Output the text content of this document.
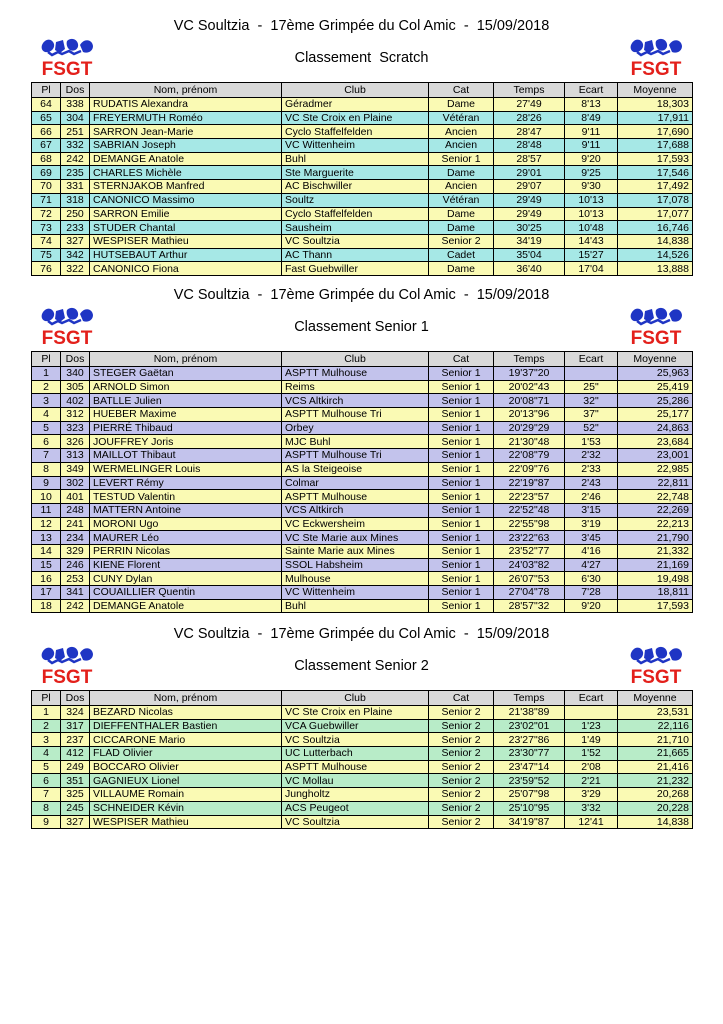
VC Soultzia  -  17ème Grimpée du Col Amic  -  15/09/2018
FSGT	FSGT
Classement  Scratch
Pl	Dos	Nom, prénom	Club	Cat	Temps	Ecart	Moyenne
64	338	RUDATIS Alexandra	Géradmer	Dame	27'49	8'13	18,303
65	304	FREYERMUTH Roméo	VC Ste Croix en Plaine	Vétéran	28'26	8'49	17,911
66	251	SARRON Jean-Marie	Cyclo Staffelfelden	Ancien	28'47	9'11	17,690
67	332	SABRIAN Joseph	VC Wittenheim	Ancien	28'48	9'11	17,688
68	242	DEMANGE Anatole	Buhl	Senior 1	28'57	9'20	17,593
69	235	CHARLES Michèle	Ste Marguerite	Dame	29'01	9'25	17,546
70	331	STERNJAKOB Manfred	AC Bischwiller	Ancien	29'07	9'30	17,492
71	318	CANONICO Massimo	Soultz	Vétéran	29'49	10'13	17,078
72	250	SARRON Emilie	Cyclo Staffelfelden	Dame	29'49	10'13	17,077
73	233	STUDER Chantal	Sausheim	Dame	30'25	10'48	16,746
74	327	WESPISER Mathieu	VC Soultzia	Senior 2	34'19	14'43	14,838
75	342	HUTSEBAUT Arthur	AC Thann	Cadet	35'04	15'27	14,526
76	322	CANONICO Fiona	Fast Guebwiller	Dame	36'40	17'04	13,888
VC Soultzia  -  17ème Grimpée du Col Amic  -  15/09/2018
FSGT	FSGT
Classement Senior 1
Pl	Dos	Nom, prénom	Club	Cat	Temps	Ecart	Moyenne
1	340	STEGER Gaëtan	ASPTT Mulhouse	Senior 1	19'37"20		25,963
2	305	ARNOLD Simon	Reims	Senior 1	20'02"43	25"	25,419
3	402	BATLLE Julien	VCS Altkirch	Senior 1	20'08"71	32"	25,286
4	312	HUEBER Maxime	ASPTT Mulhouse Tri	Senior 1	20'13"96	37"	25,177
5	323	PIERRÉ Thibaud	Orbey	Senior 1	20'29"29	52"	24,863
6	326	JOUFFREY Joris	MJC Buhl	Senior 1	21'30"48	1'53	23,684
7	313	MAILLOT Thibaut	ASPTT Mulhouse Tri	Senior 1	22'08"79	2'32	23,001
8	349	WERMELINGER Louis	AS la Steigeoise	Senior 1	22'09"76	2'33	22,985
9	302	LEVERT Rémy	Colmar	Senior 1	22'19"87	2'43	22,811
10	401	TESTUD Valentin	ASPTT Mulhouse	Senior 1	22'23"57	2'46	22,748
11	248	MATTERN Antoine	VCS Altkirch	Senior 1	22'52"48	3'15	22,269
12	241	MORONI Ugo	VC Eckwersheim	Senior 1	22'55"98	3'19	22,213
13	234	MAURER Léo	VC Ste Marie aux Mines	Senior 1	23'22"63	3'45	21,790
14	329	PERRIN Nicolas	Sainte Marie aux Mines	Senior 1	23'52"77	4'16	21,332
15	246	KIENE Florent	SSOL Habsheim	Senior 1	24'03"82	4'27	21,169
16	253	CUNY Dylan	Mulhouse	Senior 1	26'07"53	6'30	19,498
17	341	COUAILLIER Quentin	VC Wittenheim	Senior 1	27'04"78	7'28	18,811
18	242	DEMANGE Anatole	Buhl	Senior 1	28'57"32	9'20	17,593
VC Soultzia  -  17ème Grimpée du Col Amic  -  15/09/2018
FSGT	FSGT
Classement Senior 2
Pl	Dos	Nom, prénom	Club	Cat	Temps	Ecart	Moyenne
1	324	BEZARD Nicolas	VC Ste Croix en Plaine	Senior 2	21'38"89		23,531
2	317	DIEFFENTHALER Bastien	VCA Guebwiller	Senior 2	23'02"01	1'23	22,116
3	237	CICCARONE Mario	VC Soultzia	Senior 2	23'27"86	1'49	21,710
4	412	FLAD Olivier	UC Lutterbach	Senior 2	23'30"77	1'52	21,665
5	249	BOCCARO Olivier	ASPTT Mulhouse	Senior 2	23'47"14	2'08	21,416
6	351	GAGNIEUX Lionel	VC Mollau	Senior 2	23'59"52	2'21	21,232
7	325	VILLAUME Romain	Jungholtz	Senior 2	25'07"98	3'29	20,268
8	245	SCHNEIDER Kévin	ACS Peugeot	Senior 2	25'10"95	3'32	20,228
9	327	WESPISER Mathieu	VC Soultzia	Senior 2	34'19"87	12'41	14,838
